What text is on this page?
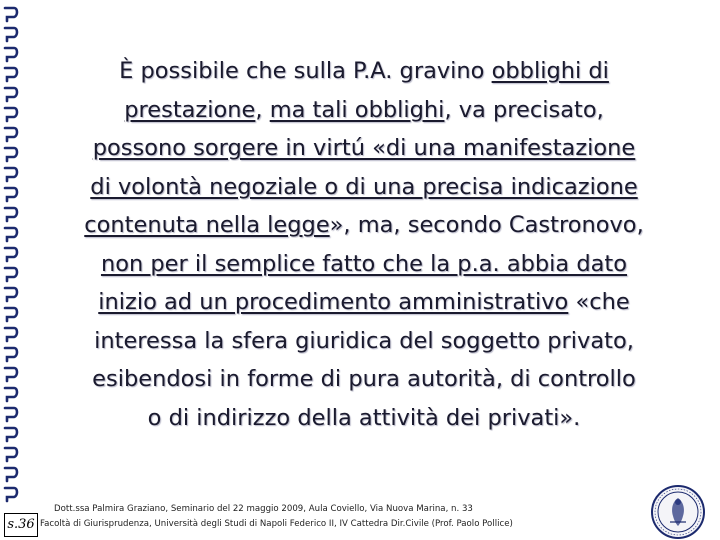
È possibile che sulla P.A. gravino obblighi di
prestazione, ma tali obblighi, va precisato,
possono sorgere in virtú «di una manifestazione
di volontà negoziale o di una precisa indicazione
contenuta nella legge», ma, secondo Castronovo,
non per il semplice fatto che la p.a. abbia dato
inizio ad un procedimento amministrativo «che
interessa la sfera giuridica del soggetto privato,
esibendosi in forme di pura autorità, di controllo
o di indirizzo della attività dei privati».
s.36
Dott.ssa Palmira Graziano, Seminario del 22 maggio 2009, Aula Coviello, Via Nuova Marina, n. 33
Facoltà di Giurisprudenza, Università degli Studi di Napoli Federico II, IV Cattedra Dir.Civile (Prof. Paolo Pollice)
